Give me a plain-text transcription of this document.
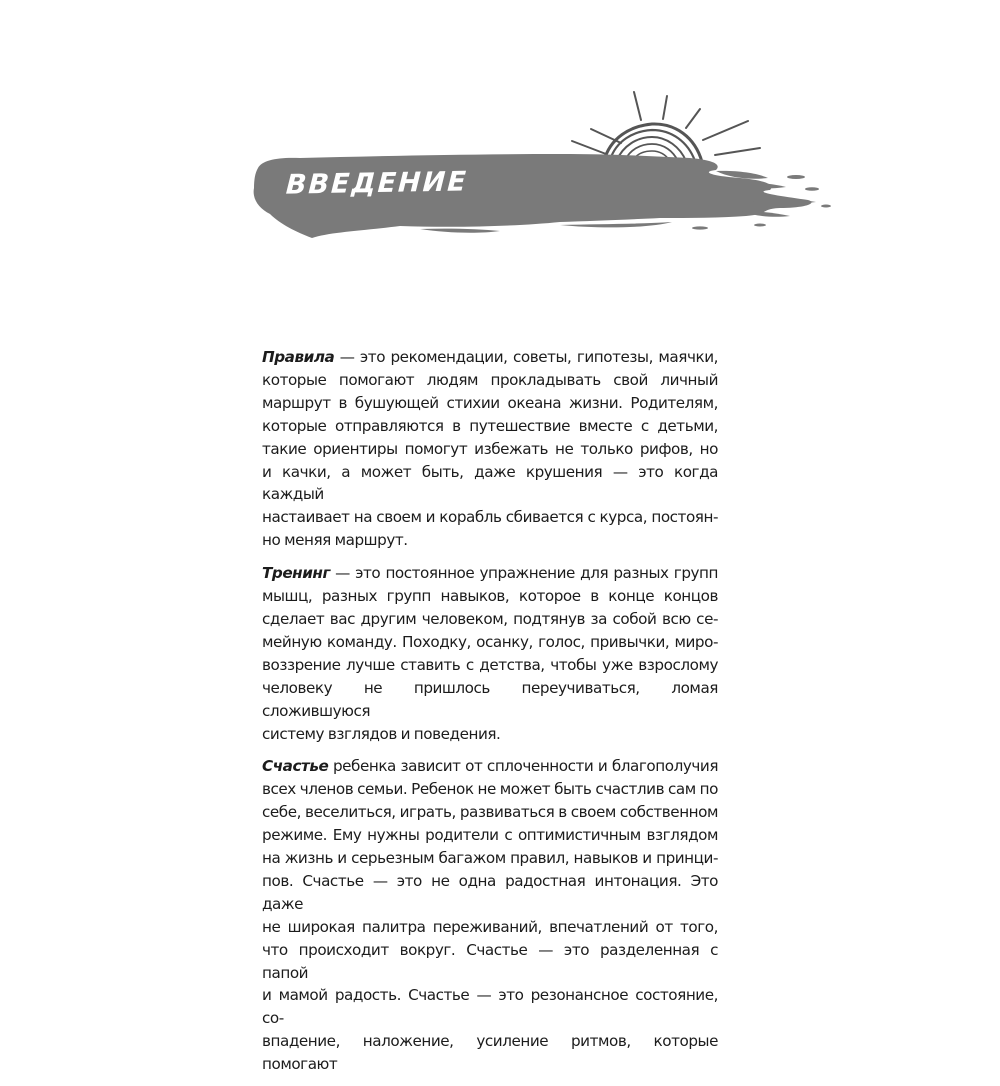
ВВЕДЕНИЕ

Правила — это рекомендации, советы, гипотезы, маячки,
которые помогают людям прокладывать свой личный
маршрут в бушующей стихии океана жизни. Родителям,
которые отправляются в путешествие вместе с детьми,
такие ориентиры помогут избежать не только рифов, но
и качки, а может быть, даже крушения — это когда каждый
настаивает на своем и корабль сбивается с курса, постоян-
но меняя маршрут.

Тренинг — это постоянное упражнение для разных групп
мышц, разных групп навыков, которое в конце концов
сделает вас другим человеком, подтянув за собой всю се-
мейную команду. Походку, осанку, голос, привычки, миро-
воззрение лучше ставить с детства, чтобы уже взрослому
человеку не пришлось переучиваться, ломая сложившуюся
систему взглядов и поведения.

Счастье ребенка зависит от сплоченности и благополучия
всех членов семьи. Ребенок не может быть счастлив сам по
себе, веселиться, играть, развиваться в своем собственном
режиме. Ему нужны родители с оптимистичным взглядом
на жизнь и серьезным багажом правил, навыков и принци-
пов. Счастье — это не одна радостная интонация. Это даже
не широкая палитра переживаний, впечатлений от того,
что происходит вокруг. Счастье — это разделенная с папой
и мамой радость. Счастье — это резонансное состояние, со-
впадение, наложение, усиление ритмов, которые помогают
